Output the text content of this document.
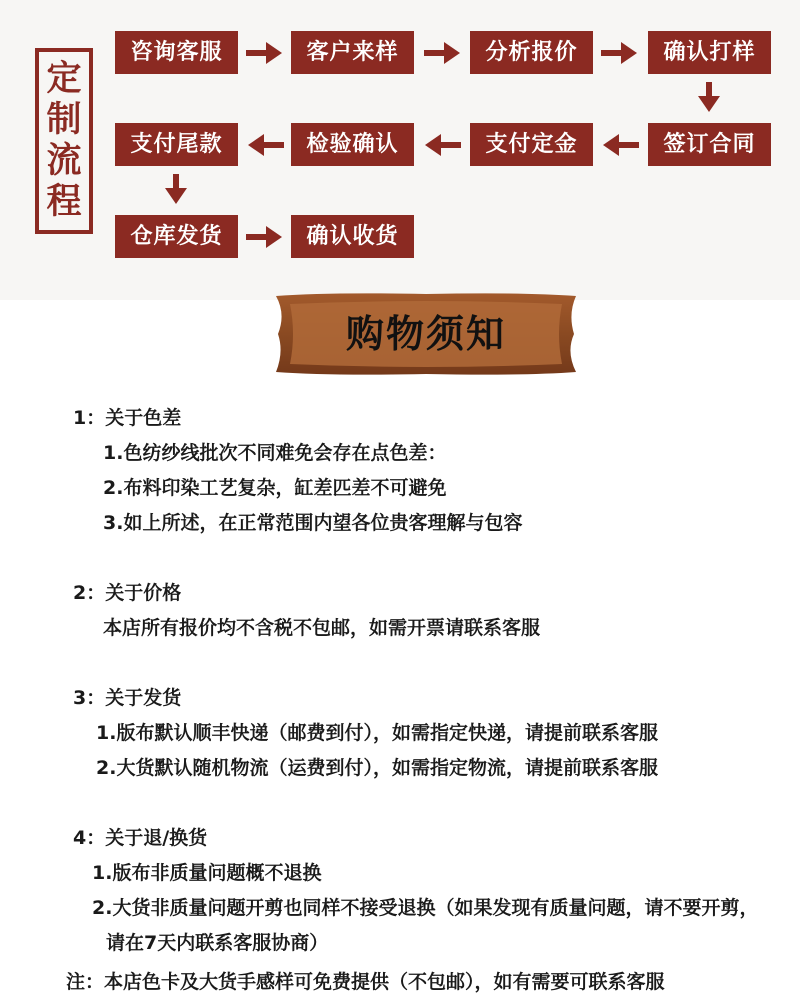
定
制
流
程
咨询客服	客户来样	分析报价	确认打样
签订合同
支付定金
检验确认
支付尾款
仓库发货	确认收货
购物须知
1：关于色差
1.色纺纱线批次不同难免会存在点色差：
2.布料印染工艺复杂，缸差匹差不可避免
3.如上所述，在正常范围内望各位贵客理解与包容
2：关于价格
本店所有报价均不含税不包邮，如需开票请联系客服
3：关于发货
1.版布默认顺丰快递（邮费到付），如需指定快递，请提前联系客服
2.大货默认随机物流（运费到付），如需指定物流，请提前联系客服
4：关于退/换货
1.版布非质量问题概不退换
2.大货非质量问题开剪也同样不接受退换（如果发现有质量问题，请不要开剪，
请在7天内联系客服协商）
注：本店色卡及大货手感样可免费提供（不包邮），如有需要可联系客服
